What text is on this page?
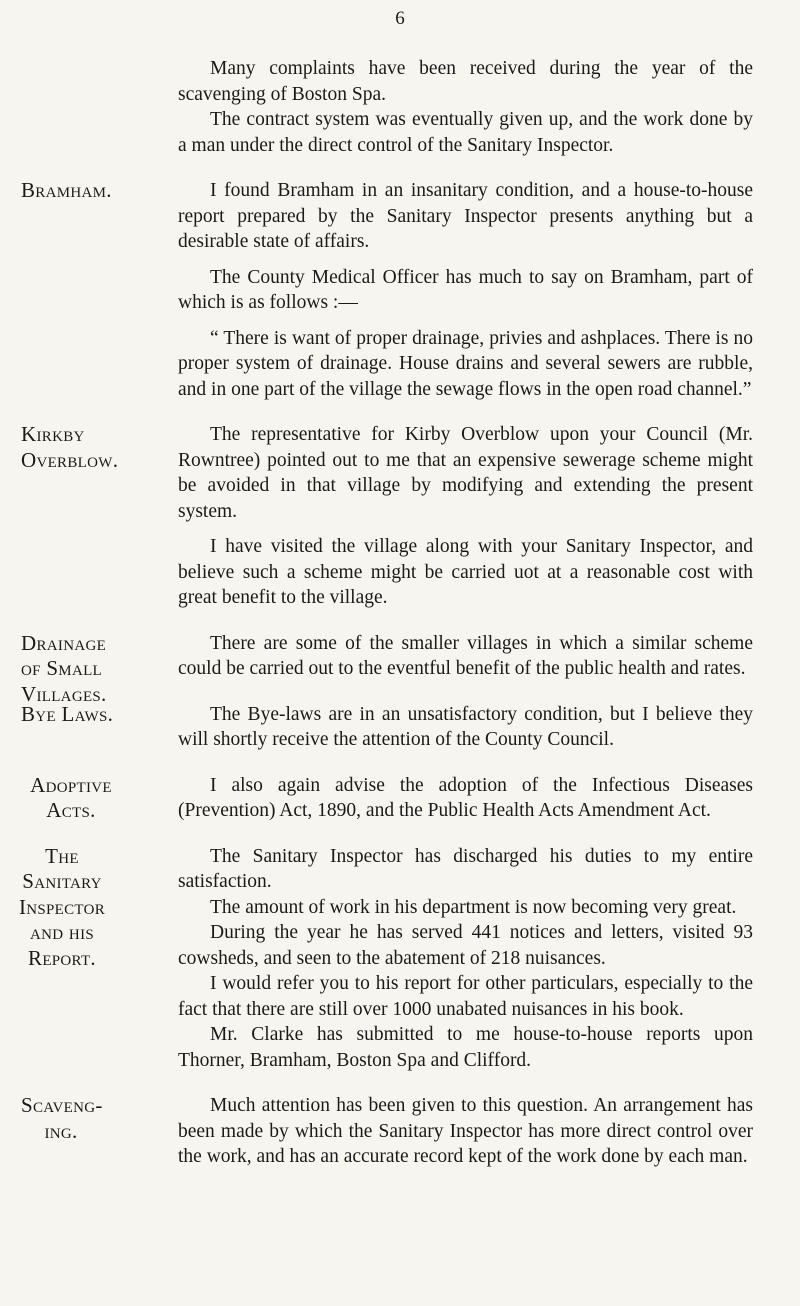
6

Many complaints have been received during the year of the scavenging of Boston Spa.

The contract system was eventually given up, and the work done by a man under the direct control of the Sanitary Inspector.

Bramham.	I found Bramham in an insanitary condition, and a house-to-house report prepared by the Sanitary Inspector presents anything but a desirable state of affairs.

The County Medical Officer has much to say on Bramham, part of which is as follows :—

“ There is want of proper drainage, privies and ashplaces. There is no proper system of drainage. House drains and several sewers are rubble, and in one part of the village the sewage flows in the open road channel.”

Kirkby
Overblow.

The representative for Kirby Overblow upon your Council (Mr. Rowntree) pointed out to me that an expensive sewerage scheme might be avoided in that village by modifying and extending the present system.

I have visited the village along with your Sanitary Inspector, and believe such a scheme might be carried uot at a reasonable cost with great benefit to the village.

Drainage
of Small
Villages.

There are some of the smaller villages in which a similar scheme could be carried out to the eventful benefit of the public health and rates.

Bye Laws.	The Bye-laws are in an unsatisfactory condition, but I believe they will shortly receive the attention of the County Council.

Adoptive
Acts.

I also again advise the adoption of the Infectious Diseases (Prevention) Act, 1890, and the Public Health Acts Amendment Act.

The
Sanitary
Inspector
and his
Report.

The Sanitary Inspector has discharged his duties to my entire satisfaction.

The amount of work in his department is now becoming very great.

During the year he has served 441 notices and letters, visited 93 cowsheds, and seen to the abatement of 218 nuisances.

I would refer you to his report for other particulars, especially to the fact that there are still over 1000 unabated nuisances in his book.

Mr. Clarke has submitted to me house-to-house reports upon Thorner, Bramham, Boston Spa and Clifford.

Scaveng-
ing.

Much attention has been given to this question. An arrangement has been made by which the Sanitary Inspector has more direct control over the work, and has an accurate record kept of the work done by each man.
